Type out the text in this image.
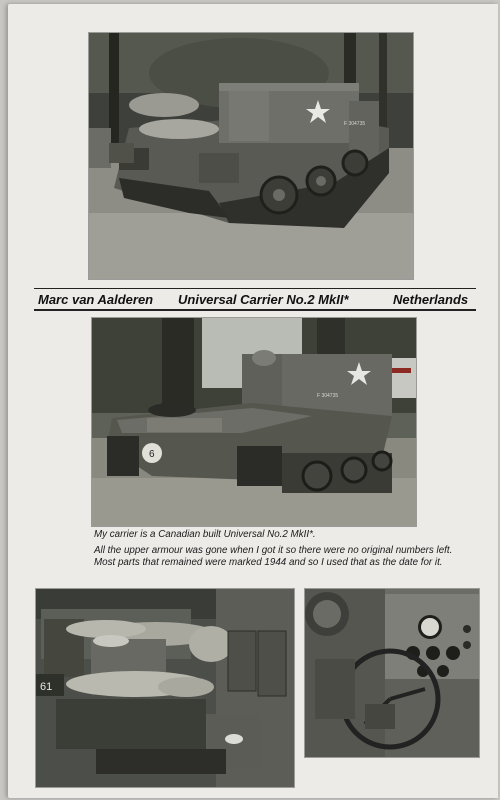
F 304735
Marc van Aalderen Universal Carrier No.2 MkII*	Netherlands
6
F 304735
My carrier is a Canadian built Universal No.2 MkII*.
All the upper armour was gone when I got it so there were no original numbers left. Most parts that remained were marked 1944 and so I used that as the date for it.
61
